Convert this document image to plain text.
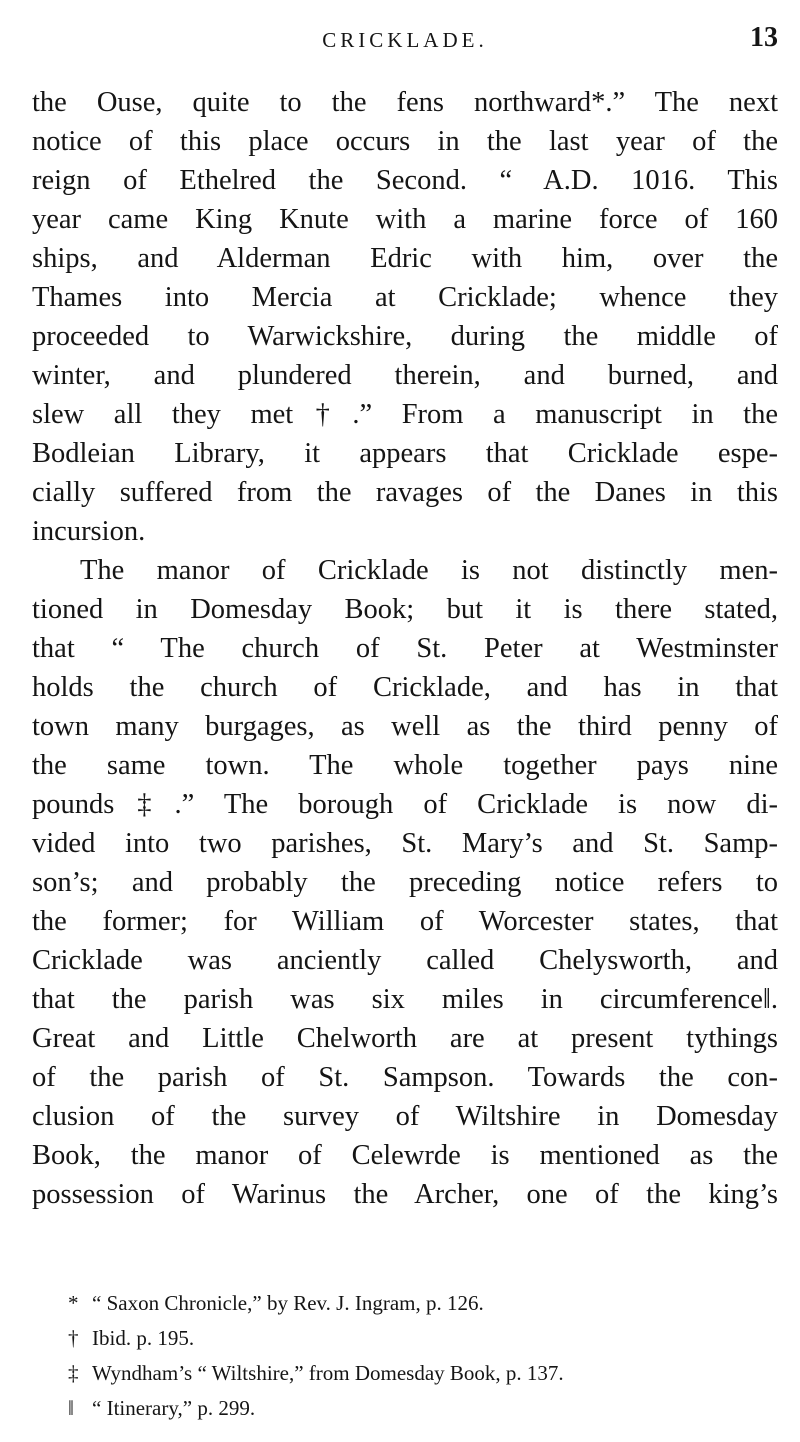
CRICKLADE.	13
the Ouse, quite to the fens northward*.” The next
notice of this place occurs in the last year of the
reign of Ethelred the Second. “ A.D. 1016. This
year came King Knute with a marine force of 160
ships, and Alderman Edric with him, over the
Thames into Mercia at Cricklade; whence they
proceeded to Warwickshire, during the middle of
winter, and plundered therein, and burned, and
slew all they met†.” From a manuscript in the
Bodleian Library, it appears that Cricklade espe-
cially suffered from the ravages of the Danes in this
incursion.
The manor of Cricklade is not distinctly men-
tioned in Domesday Book; but it is there stated,
that “ The church of St. Peter at Westminster
holds the church of Cricklade, and has in that
town many burgages, as well as the third penny of
the same town. The whole together pays nine
pounds‡.” The borough of Cricklade is now di-
vided into two parishes, St. Mary’s and St. Samp-
son’s; and probably the preceding notice refers to
the former; for William of Worcester states, that
Cricklade was anciently called Chelysworth, and
that the parish was six miles in circumference‖.
Great and Little Chelworth are at present tythings
of the parish of St. Sampson. Towards the con-
clusion of the survey of Wiltshire in Domesday
Book, the manor of Celewrde is mentioned as the
possession of Warinus the Archer, one of the king’s
* “ Saxon Chronicle,” by Rev. J. Ingram, p. 126.
† Ibid. p. 195.
‡ Wyndham’s “ Wiltshire,” from Domesday Book, p. 137.
‖ “ Itinerary,” p. 299.
